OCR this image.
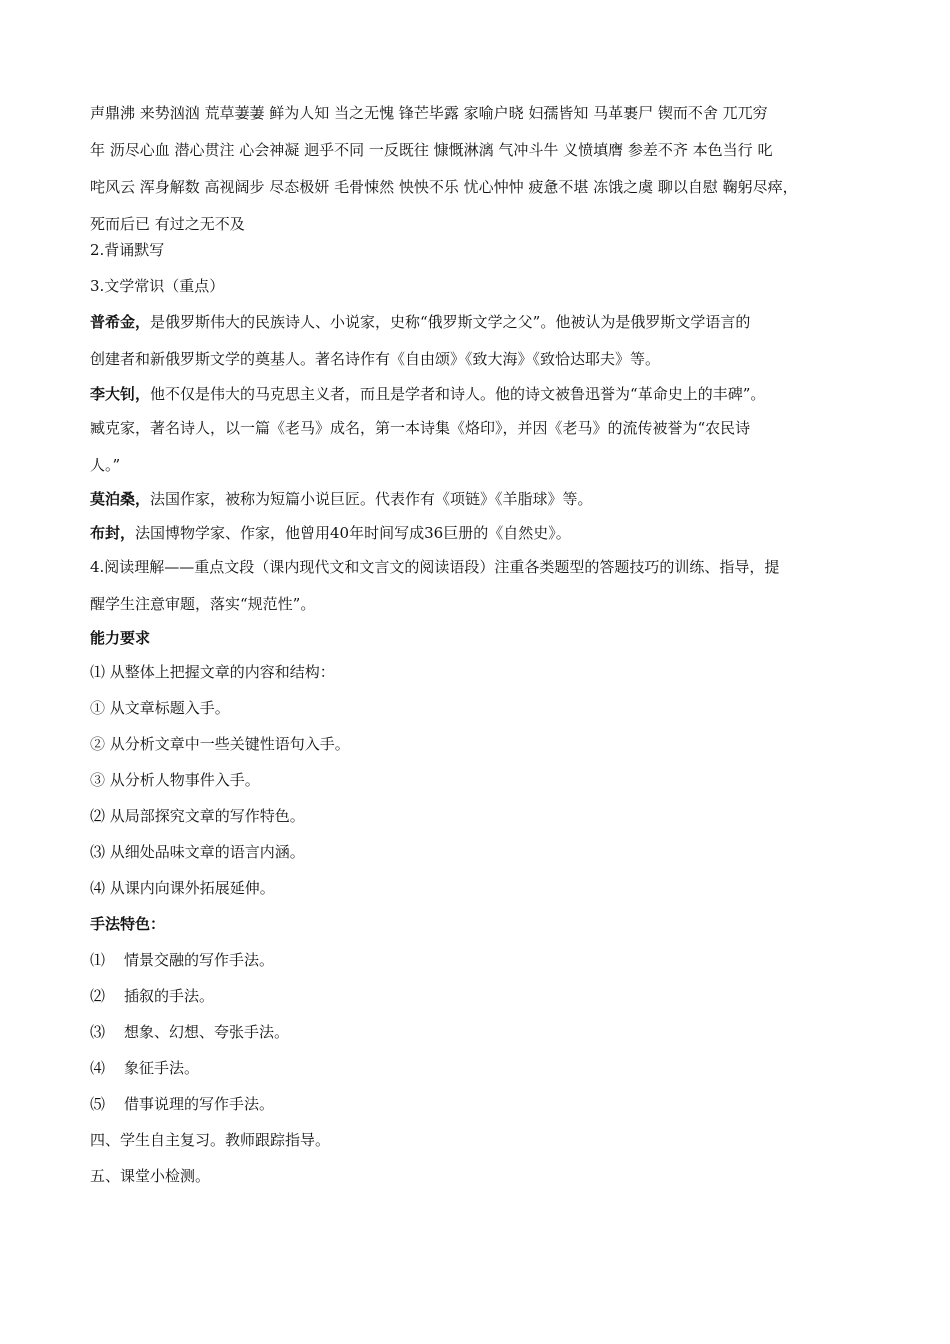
声鼎沸 来势汹汹 荒草萋萋 鲜为人知 当之无愧 锋芒毕露 家喻户晓 妇孺皆知 马革裹尸 锲而不舍 兀兀穷

年 沥尽心血 潜心贯注 心会神凝 迥乎不同 一反既往 慷慨淋漓 气冲斗牛 义愤填膺 参差不齐 本色当行 叱

咤风云 浑身解数 高视阔步 尽态极妍 毛骨悚然 怏怏不乐 忧心忡忡 疲惫不堪 冻饿之虞 聊以自慰 鞠躬尽瘁，

死而后已 有过之无不及

2.背诵默写

3.文学常识（重点）

普希金，是俄罗斯伟大的民族诗人、小说家，史称“俄罗斯文学之父”。他被认为是俄罗斯文学语言的

创建者和新俄罗斯文学的奠基人。著名诗作有《自由颂》《致大海》《致恰达耶夫》等。

李大钊，他不仅是伟大的马克思主义者，而且是学者和诗人。他的诗文被鲁迅誉为“革命史上的丰碑”。

臧克家，著名诗人，以一篇《老马》成名，第一本诗集《烙印》，并因《老马》的流传被誉为“农民诗

人。”

莫泊桑，法国作家，被称为短篇小说巨匠。代表作有《项链》《羊脂球》等。

布封，法国博物学家、作家，他曾用40年时间写成36巨册的《自然史》。

4.阅读理解——重点文段（课内现代文和文言文的阅读语段）注重各类题型的答题技巧的训练、指导，提

醒学生注意审题，落实“规范性”。

能力要求

⑴ 从整体上把握文章的内容和结构：

① 从文章标题入手。

② 从分析文章中一些关键性语句入手。

③ 从分析人物事件入手。

⑵ 从局部探究文章的写作特色。

⑶ 从细处品味文章的语言内涵。

⑷ 从课内向课外拓展延伸。

手法特色：

⑴ 情景交融的写作手法。

⑵ 插叙的手法。

⑶ 想象、幻想、夸张手法。

⑷ 象征手法。

⑸ 借事说理的写作手法。

四、学生自主复习。教师跟踪指导。

五、课堂小检测。
